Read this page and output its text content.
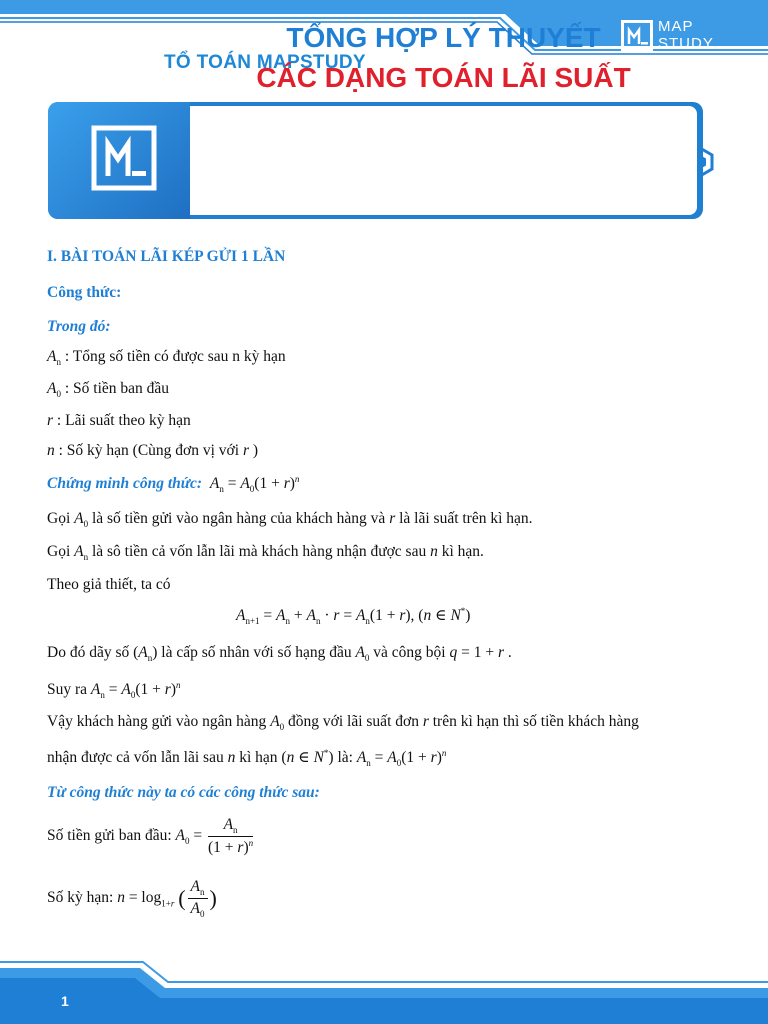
MAP
STUDY
TỔ TOÁN MAPSTUDY
TỔNG HỢP LÝ THUYẾT
CÁC DẠNG TOÁN LÃI SUẤT
I. BÀI TOÁN LÃI KÉP GỬI 1 LẦN
Công thức:
Trong đó:
$A_n$ : Tổng số tiền có được sau n kỳ hạn
$A_0$ : Số tiền ban đầu
r : Lãi suất theo kỳ hạn
n : Số kỳ hạn (Cùng đơn vị với r )
Chứng minh công thức: $A_n = A_0(1 + r)^n$
Gọi $A_0$ là số tiền gửi vào ngân hàng của khách hàng và r là lãi suất trên kì hạn.
Gọi $A_n$ là sô tiền cả vốn lẫn lãi mà khách hàng nhận được sau n kì hạn.
Theo giả thiết, ta có
$A_{n+1} = A_n + A_n \cdot r = A_n(1 + r)$, (n ∈ N*)
Do đó dãy số $(A_n)$ là cấp số nhân với số hạng đầu $A_0$ và công bội q = 1 + r .
Suy ra $A_n = A_0(1 + r)^n$
Vậy khách hàng gửi vào ngân hàng $A_0$ đồng với lãi suất đơn r trên kì hạn thì số tiền khách hàng
nhận được cả vốn lẫn lãi sau n kì hạn (n ∈ N*) là: $A_n = A_0(1 + r)^n$
Từ công thức này ta có các công thức sau:
Số tiền gửi ban đầu: $A_0 = \frac{A_n}{(1 + r)^n}$
Số kỳ hạn: $n = \log_{1+r}$ ( $\frac{A_n}{A_0}$ )
1
